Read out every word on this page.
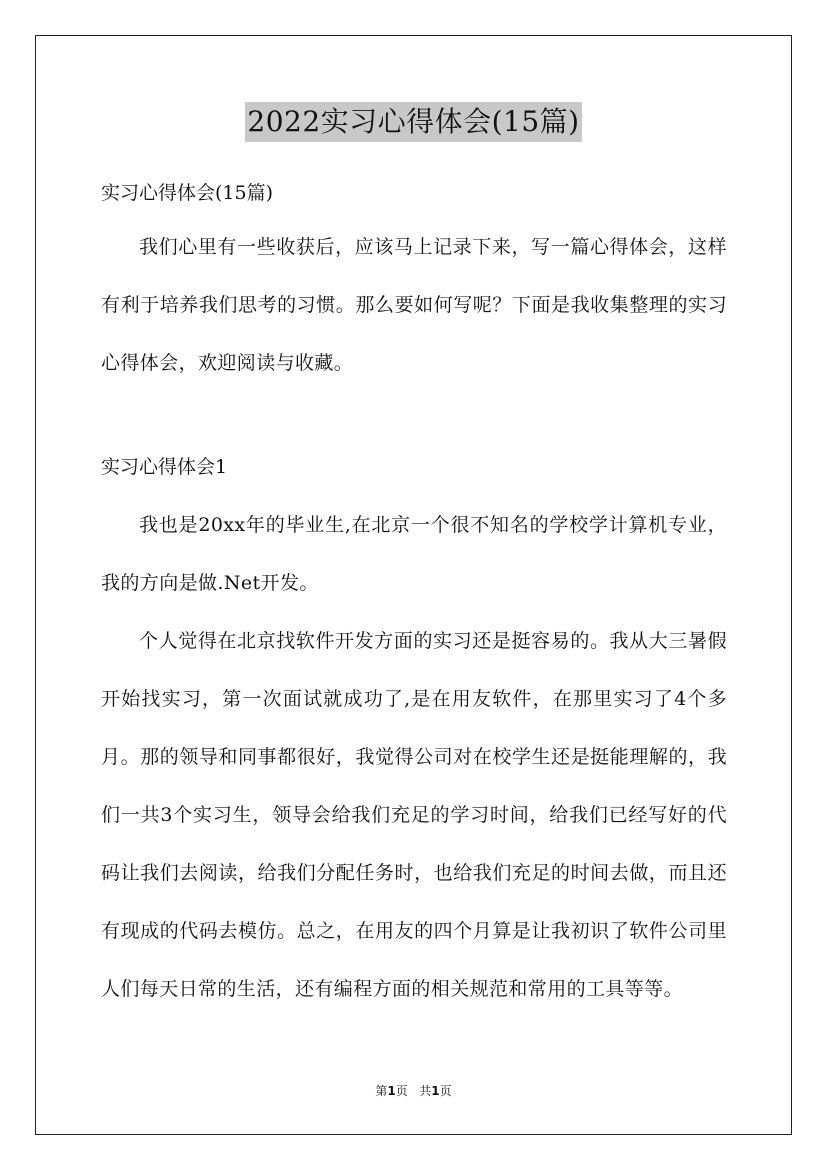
2022实习心得体会(15篇)

实习心得体会(15篇)

我们心里有一些收获后，应该马上记录下来，写一篇心得体会，这样有利于培养我们思考的习惯。那么要如何写呢？下面是我收集整理的实习心得体会，欢迎阅读与收藏。

实习心得体会1

我也是20xx年的毕业生,在北京一个很不知名的学校学计算机专业，我的方向是做.Net开发。

个人觉得在北京找软件开发方面的实习还是挺容易的。我从大三暑假开始找实习，第一次面试就成功了,是在用友软件，在那里实习了4个多月。那的领导和同事都很好，我觉得公司对在校学生还是挺能理解的，我们一共3个实习生，领导会给我们充足的学习时间，给我们已经写好的代码让我们去阅读，给我们分配任务时，也给我们充足的时间去做，而且还有现成的代码去模仿。总之，在用友的四个月算是让我初识了软件公司里人们每天日常的生活，还有编程方面的相关规范和常用的工具等等。

第1页 共1页
